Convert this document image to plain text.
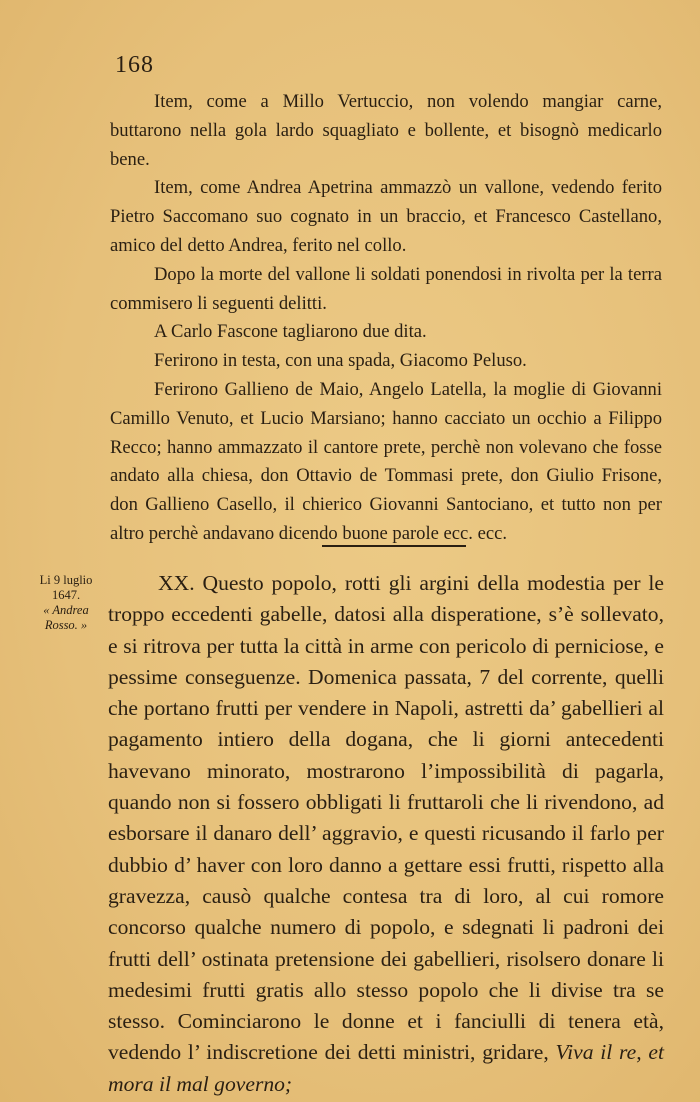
168

Item, come a Millo Vertuccio, non volendo mangiar carne, buttarono nella gola lardo squagliato e bollente, et bisognò medicarlo bene.

Item, come Andrea Apetrina ammazzò un vallone, vedendo ferito Pietro Saccomano suo cognato in un braccio, et Francesco Castellano, amico del detto Andrea, ferito nel collo.

Dopo la morte del vallone li soldati ponendosi in rivolta per la terra commisero li seguenti delitti.

A Carlo Fascone tagliarono due dita.

Ferirono in testa, con una spada, Giacomo Peluso.

Ferirono Gallieno de Maio, Angelo Latella, la moglie di Giovanni Camillo Venuto, et Lucio Marsiano; hanno cacciato un occhio a Filippo Recco; hanno ammazzato il cantore prete, perchè non volevano che fosse andato alla chiesa, don Ottavio de Tommasi prete, don Giulio Frisone, don Gallieno Casello, il chierico Giovanni Santociano, et tutto non per altro perchè andavano dicendo buone parole ecc. ecc.

Li 9 luglio
1647.
« Andrea
Rosso. »

XX. Questo popolo, rotti gli argini della modestia per le troppo eccedenti gabelle, datosi alla disperatione, s’è sollevato, e si ritrova per tutta la città in arme con pericolo di perniciose, e pessime conseguenze. Domenica passata, 7 del corrente, quelli che portano frutti per vendere in Napoli, astretti da’ gabellieri al pagamento intiero della dogana, che li giorni antecedenti havevano minorato, mostrarono l’impossibilità di pagarla, quando non si fossero obbligati li fruttaroli che li rivendono, ad esborsare il danaro dell’ aggravio, e questi ricusando il farlo per dubbio d’ haver con loro danno a gettare essi frutti, rispetto alla gravezza, causò qualche contesa tra di loro, al cui romore concorso qualche numero di popolo, e sdegnati li padroni dei frutti dell’ ostinata pretensione dei gabellieri, risolsero donare li medesimi frutti gratis allo stesso popolo che li divise tra se stesso. Cominciarono le donne et i fanciulli di tenera età, vedendo l’ indiscretione dei detti ministri, gridare, Viva il re, et mora il mal governo;
